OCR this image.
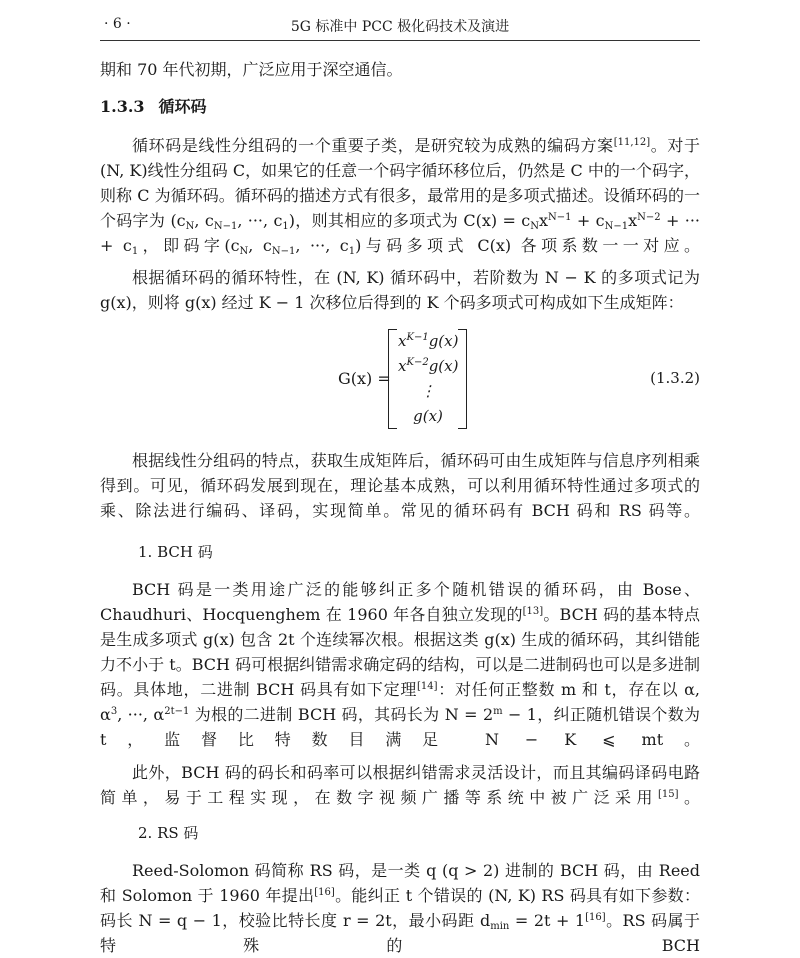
· 6 ·	5G 标准中 PCC 极化码技术及演进

期和 70 年代初期，广泛应用于深空通信。

1.3.3 循环码

循环码是线性分组码的一个重要子类，是研究较为成熟的编码方案[11,12]。对于(N, K)线性分组码 C，如果它的任意一个码字循环移位后，仍然是 C 中的一个码字，则称 C 为循环码。循环码的描述方式有很多，最常用的是多项式描述。设循环码的一个码字为 ($c_N$, $c_{N-1}$, ···, $c_1$)，则其相应的多项式为 $C(x) = c_Nx^{N-1} + c_{N-1}x^{N-2}$ + ··· + $c_1$，即码字($c_N$, $c_{N-1}$, ···, $c_1$)与码多项式 C(x) 各项系数一一对应。

根据循环码的循环特性，在 (N, K) 循环码中，若阶数为 N − K 的多项式记为 g(x)，则将 g(x) 经过 K − 1 次移位后得到的 K 个码多项式可构成如下生成矩阵：

G(x) =
$x^{K-1}g(x)$
$x^{K-2}g(x)$
⋮
g(x)
(1.3.2)

根据线性分组码的特点，获取生成矩阵后，循环码可由生成矩阵与信息序列相乘得到。可见，循环码发展到现在，理论基本成熟，可以利用循环特性通过多项式的乘、除法进行编码、译码，实现简单。常见的循环码有 BCH 码和 RS 码等。

1. BCH 码

BCH 码是一类用途广泛的能够纠正多个随机错误的循环码，由 Bose、Chaudhuri、Hocquenghem 在 1960 年各自独立发现的[13]。BCH 码的基本特点是生成多项式 g(x) 包含 2t 个连续幂次根。根据这类 g(x) 生成的循环码，其纠错能力不小于 t。BCH 码可根据纠错需求确定码的结构，可以是二进制码也可以是多进制码。具体地，二进制 BCH 码具有如下定理[14]：对任何正整数 m 和 t，存在以 α, $\alpha^3$, ···, $\alpha^{2t-1}$ 为根的二进制 BCH 码，其码长为 $N = 2^m - 1$，纠正随机错误个数为 t，监督比特数目满足 N − K ⩽ mt。

此外，BCH 码的码长和码率可以根据纠错需求灵活设计，而且其编码译码电路简单，易于工程实现，在数字视频广播等系统中被广泛采用[15]。

2. RS 码

Reed-Solomon 码简称 RS 码，是一类 q (q > 2) 进制的 BCH 码，由 Reed 和 Solomon 于 1960 年提出[16]。能纠正 t 个错误的 (N, K) RS 码具有如下参数：码长 N = q − 1，校验比特长度 r = 2t，最小码距 $d_{min} = 2t + 1[16]$。RS 码属于特殊的 BCH
